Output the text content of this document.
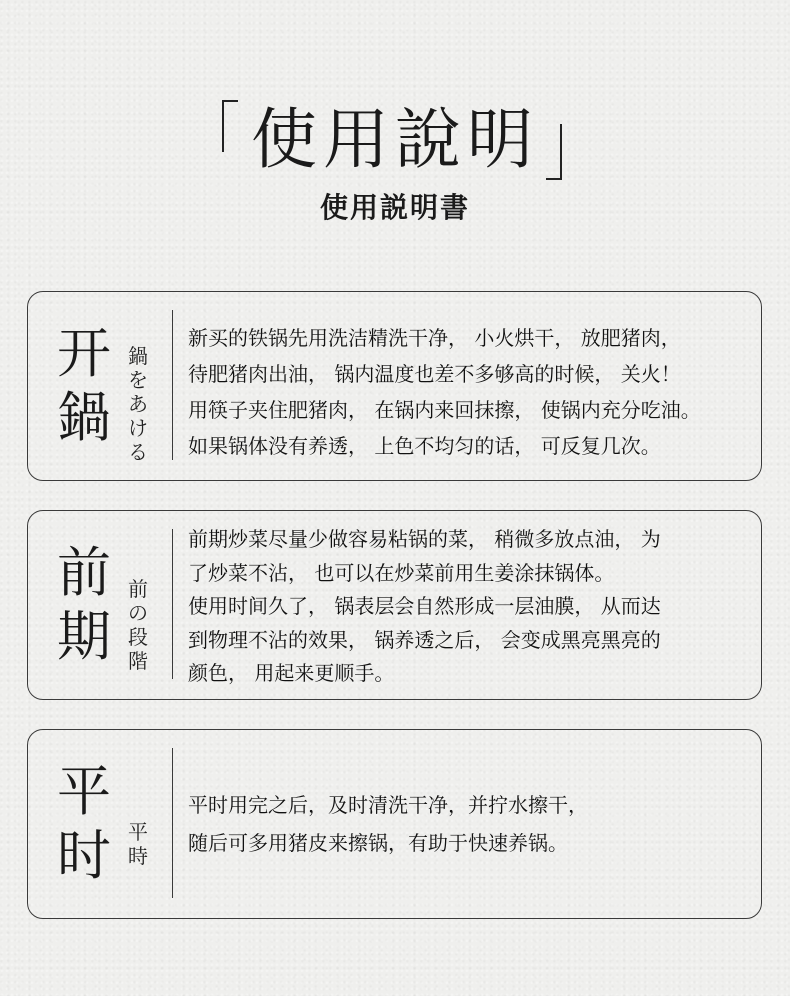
使用說明
使用説明書
开
鍋
鍋
を
あ
け
る

新买的铁锅先用洗洁精洗干净， 小火烘干， 放肥猪肉，

待肥猪肉出油， 锅内温度也差不多够高的时候， 关火！

用筷子夹住肥猪肉， 在锅内来回抹擦， 使锅内充分吃油。

如果锅体没有养透， 上色不均匀的话， 可反复几次。

前
期
前
の
段
階

前期炒菜尽量少做容易粘锅的菜， 稍微多放点油， 为

了炒菜不沾， 也可以在炒菜前用生姜涂抹锅体。

使用时间久了， 锅表层会自然形成一层油膜， 从而达

到物理不沾的效果， 锅养透之后， 会变成黑亮黑亮的

颜色， 用起来更顺手。

平
时 平
時

平时用完之后，及时清洗干净，并拧水擦干，

随后可多用猪皮来擦锅，有助于快速养锅。
